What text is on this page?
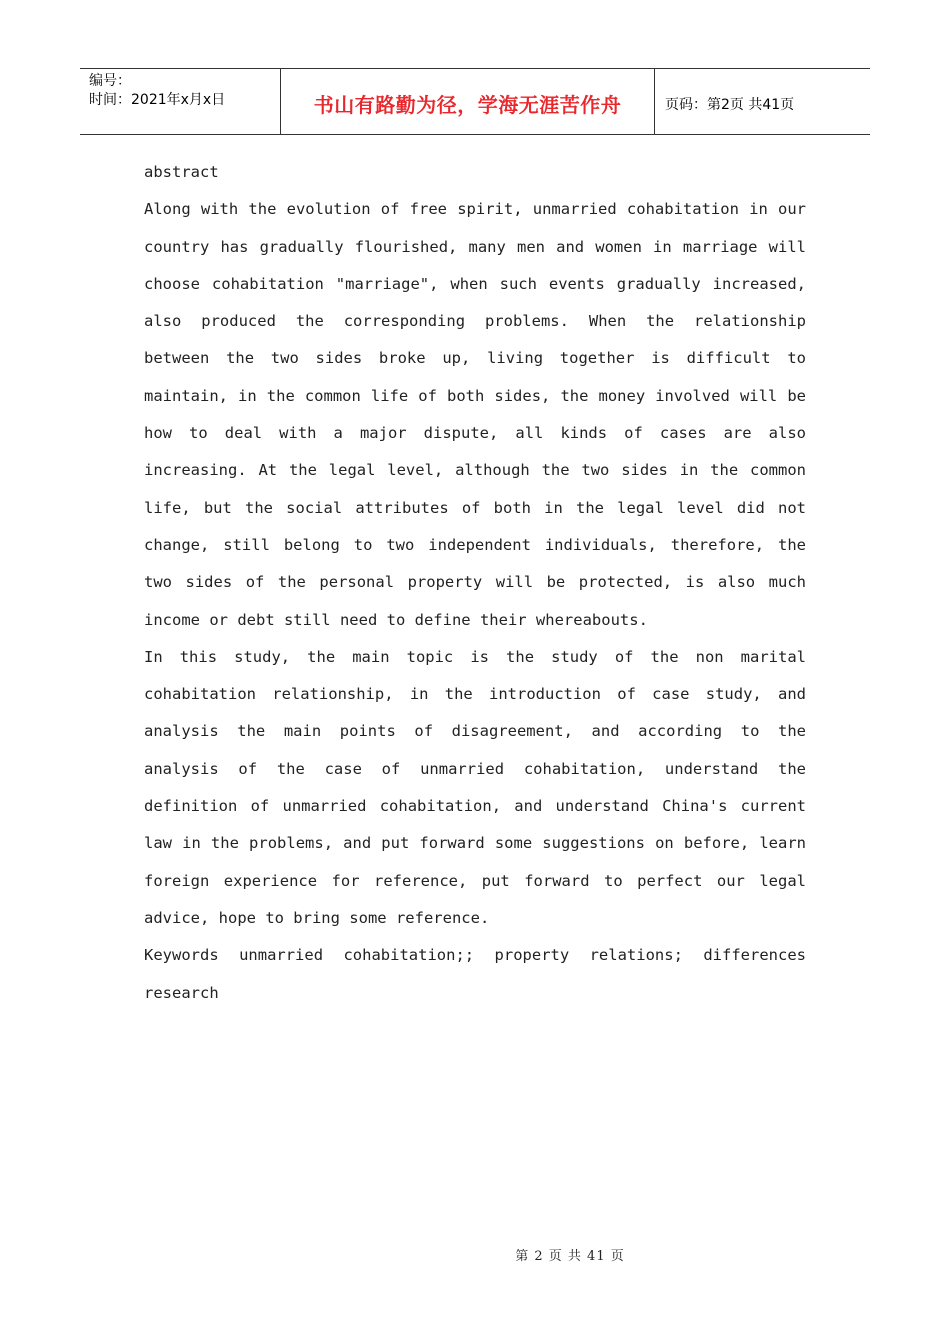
编号：
时间：2021年x月x日	书山有路勤为径，学海无涯苦作舟	页码：第2页 共41页

abstract

Along with the evolution of free spirit, unmarried cohabitation in our country has gradually flourished, many men and women in marriage will choose cohabitation "marriage", when such events gradually increased, also produced the corresponding problems. When the relationship between the two sides broke up, living together is difficult to maintain, in the common life of both sides, the money involved will be how to deal with a major dispute, all kinds of cases are also increasing. At the legal level, although the two sides in the common life, but the social attributes of both in the legal level did not change, still belong to two independent individuals, therefore, the two sides of the personal property will be protected, is also much income or debt still need to define their whereabouts.

In this study, the main topic is the study of the non marital cohabitation relationship, in the introduction of case study, and analysis the main points of disagreement, and according to the analysis of the case of unmarried cohabitation, understand the definition of unmarried cohabitation, and understand China's current law in the problems, and put forward some suggestions on before, learn foreign experience for reference, put forward to perfect our legal advice, hope to bring some reference.

Keywords unmarried cohabitation;; property relations; differences

research

第 2 页 共 41 页
